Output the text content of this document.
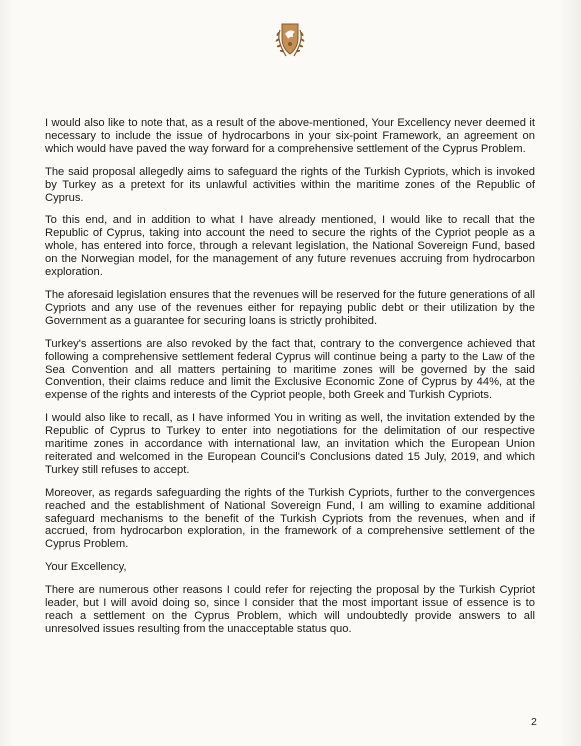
I would also like to note that, as a result of the above-mentioned, Your Excellency never deemed it necessary to include the issue of hydrocarbons in your six-point Framework, an agreement on which would have paved the way forward for a comprehensive settlement of the Cyprus Problem.

The said proposal allegedly aims to safeguard the rights of the Turkish Cypriots, which is invoked by Turkey as a pretext for its unlawful activities within the maritime zones of the Republic of Cyprus.

To this end, and in addition to what I have already mentioned, I would like to recall that the Republic of Cyprus, taking into account the need to secure the rights of the Cypriot people as a whole, has entered into force, through a relevant legislation, the National Sovereign Fund, based on the Norwegian model, for the management of any future revenues accruing from hydrocarbon exploration.

The aforesaid legislation ensures that the revenues will be reserved for the future generations of all Cypriots and any use of the revenues either for repaying public debt or their utilization by the Government as a guarantee for securing loans is strictly prohibited.

Turkey's assertions are also revoked by the fact that, contrary to the convergence achieved that following a comprehensive settlement federal Cyprus will continue being a party to the Law of the Sea Convention and all matters pertaining to maritime zones will be governed by the said Convention, their claims reduce and limit the Exclusive Economic Zone of Cyprus by 44%, at the expense of the rights and interests of the Cypriot people, both Greek and Turkish Cypriots.

I would also like to recall, as I have informed You in writing as well, the invitation extended by the Republic of Cyprus to Turkey to enter into negotiations for the delimitation of our respective maritime zones in accordance with international law, an invitation which the European Union reiterated and welcomed in the European Council's Conclusions dated 15 July, 2019, and which Turkey still refuses to accept.

Moreover, as regards safeguarding the rights of the Turkish Cypriots, further to the convergences reached and the establishment of National Sovereign Fund, I am willing to examine additional safeguard mechanisms to the benefit of the Turkish Cypriots from the revenues, when and if accrued, from hydrocarbon exploration, in the framework of a comprehensive settlement of the Cyprus Problem.

Your Excellency,

There are numerous other reasons I could refer for rejecting the proposal by the Turkish Cypriot leader, but I will avoid doing so, since I consider that the most important issue of essence is to reach a settlement on the Cyprus Problem, which will undoubtedly provide answers to all unresolved issues resulting from the unacceptable status quo.

2
